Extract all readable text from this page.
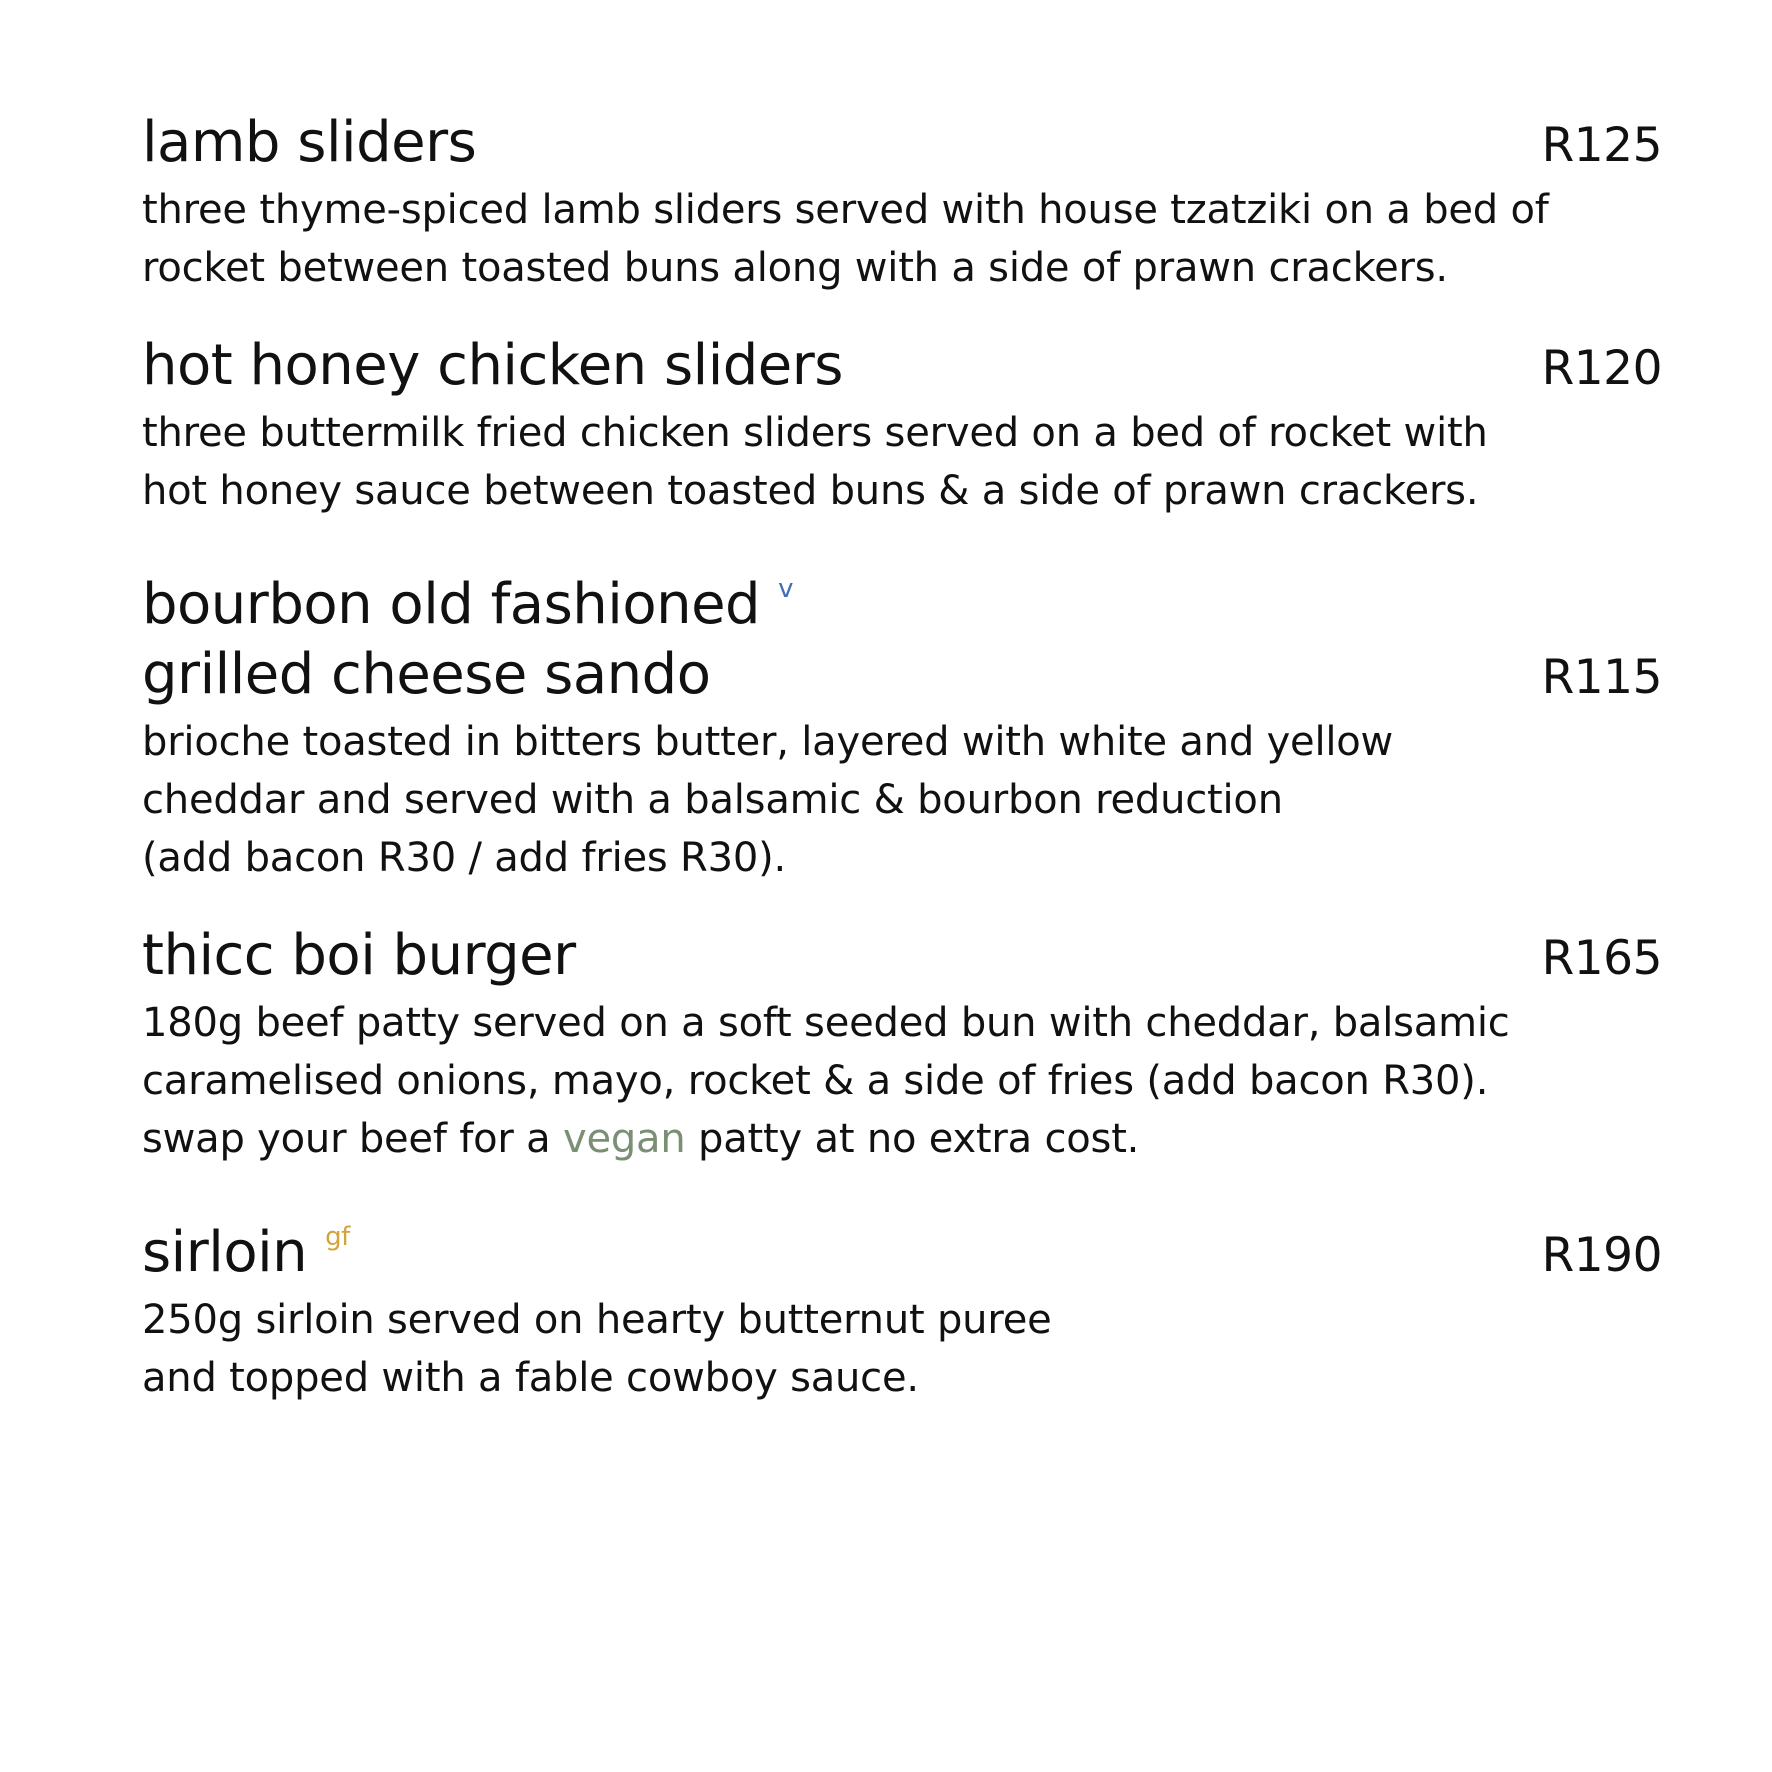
lamb sliders	R125

three thyme-spiced lamb sliders served with house tzatziki on a bed of
rocket between toasted buns along with a side of prawn crackers.

hot honey chicken sliders	R120

three buttermilk fried chicken sliders served on a bed of rocket with
hot honey sauce between toasted buns & a side of prawn crackers.

bourbon old fashioned $^v$
grilled cheese sando	R115

brioche toasted in bitters butter, layered with white and yellow
cheddar and served with a balsamic & bourbon reduction
(add bacon R30 / add fries R30).

thicc boi burger	R165

180g beef patty served on a soft seeded bun with cheddar, balsamic
caramelised onions, mayo, rocket & a side of fries (add bacon R30).
swap your beef for a vegan patty at no extra cost.

sirloin $^{gf}$	R190

250g sirloin served on hearty butternut puree
and topped with a fable cowboy sauce.
